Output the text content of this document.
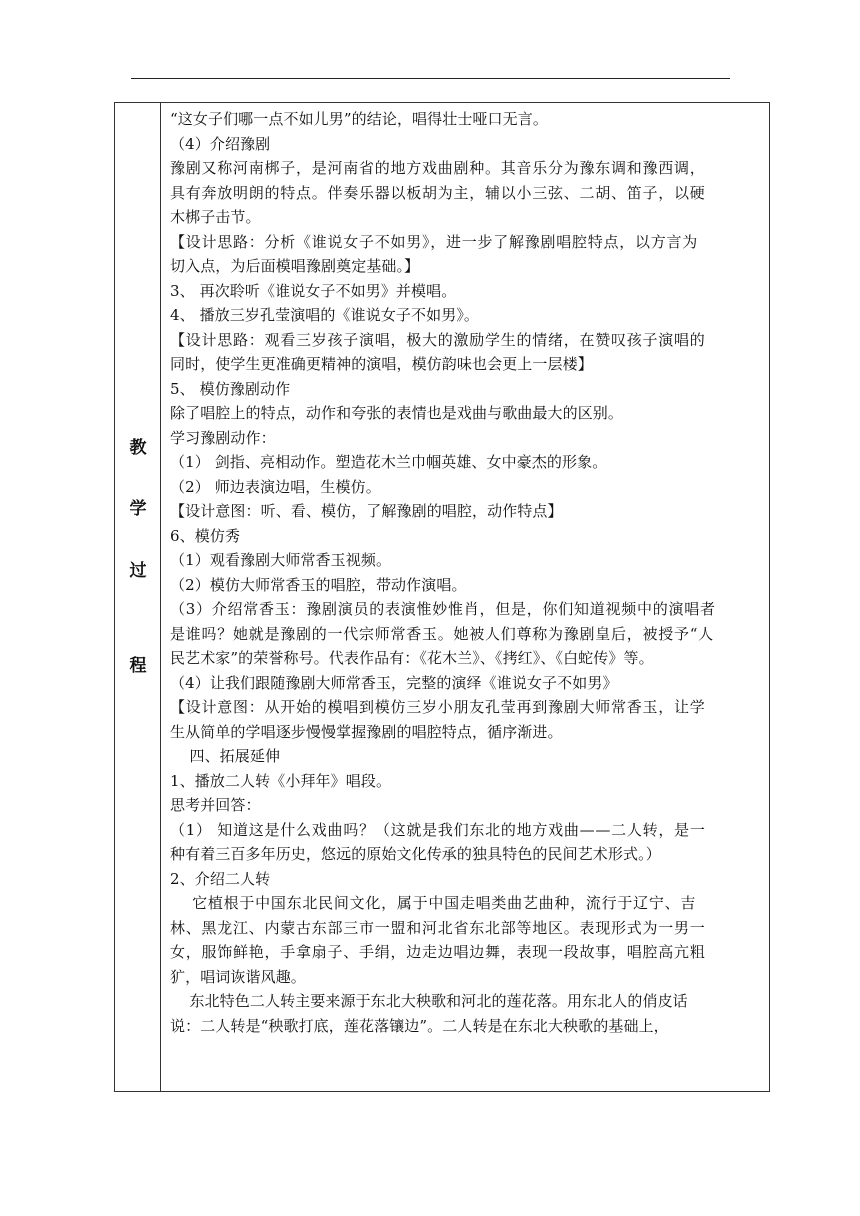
教
学
过
程
“这女子们哪一点不如儿男”的结论，唱得壮士哑口无言。
（4）介绍豫剧
豫剧又称河南梆子，是河南省的地方戏曲剧种。其音乐分为豫东调和豫西调，
具有奔放明朗的特点。伴奏乐器以板胡为主，辅以小三弦、二胡、笛子，以硬
木梆子击节。
【设计思路：分析《谁说女子不如男》，进一步了解豫剧唱腔特点，以方言为
切入点，为后面模唱豫剧奠定基础。】
3、 再次聆听《谁说女子不如男》并模唱。
4、 播放三岁孔莹演唱的《谁说女子不如男》。
【设计思路：观看三岁孩子演唱，极大的激励学生的情绪，在赞叹孩子演唱的
同时，使学生更准确更精神的演唱，模仿韵味也会更上一层楼】
5、 模仿豫剧动作
除了唱腔上的特点，动作和夸张的表情也是戏曲与歌曲最大的区别。
学习豫剧动作：
（1） 剑指、亮相动作。塑造花木兰巾帼英雄、女中豪杰的形象。
（2） 师边表演边唱，生模仿。
【设计意图：听、看、模仿，了解豫剧的唱腔，动作特点】
6、模仿秀
（1）观看豫剧大师常香玉视频。
（2）模仿大师常香玉的唱腔，带动作演唱。
（3）介绍常香玉：豫剧演员的表演惟妙惟肖，但是，你们知道视频中的演唱者
是谁吗？她就是豫剧的一代宗师常香玉。她被人们尊称为豫剧皇后，被授予“人
民艺术家”的荣誉称号。代表作品有：《花木兰》、《拷红》、《白蛇传》等。
（4）让我们跟随豫剧大师常香玉，完整的演绎《谁说女子不如男》
【设计意图：从开始的模唱到模仿三岁小朋友孔莹再到豫剧大师常香玉，让学
生从简单的学唱逐步慢慢掌握豫剧的唱腔特点，循序渐进。
四、拓展延伸
1、播放二人转《小拜年》唱段。
思考并回答：
（1） 知道这是什么戏曲吗？（这就是我们东北的地方戏曲——二人转，是一
种有着三百多年历史，悠远的原始文化传承的独具特色的民间艺术形式。）
2、介绍二人转
它植根于中国东北民间文化，属于中国走唱类曲艺曲种，流行于辽宁、吉
林、黑龙江、内蒙古东部三市一盟和河北省东北部等地区。表现形式为一男一
女，服饰鲜艳，手拿扇子、手绢，边走边唱边舞，表现一段故事，唱腔高亢粗
犷，唱词诙谐风趣。
东北特色二人转主要来源于东北大秧歌和河北的莲花落。用东北人的俏皮话
说：二人转是“秧歌打底，莲花落镶边”。二人转是在东北大秧歌的基础上，
